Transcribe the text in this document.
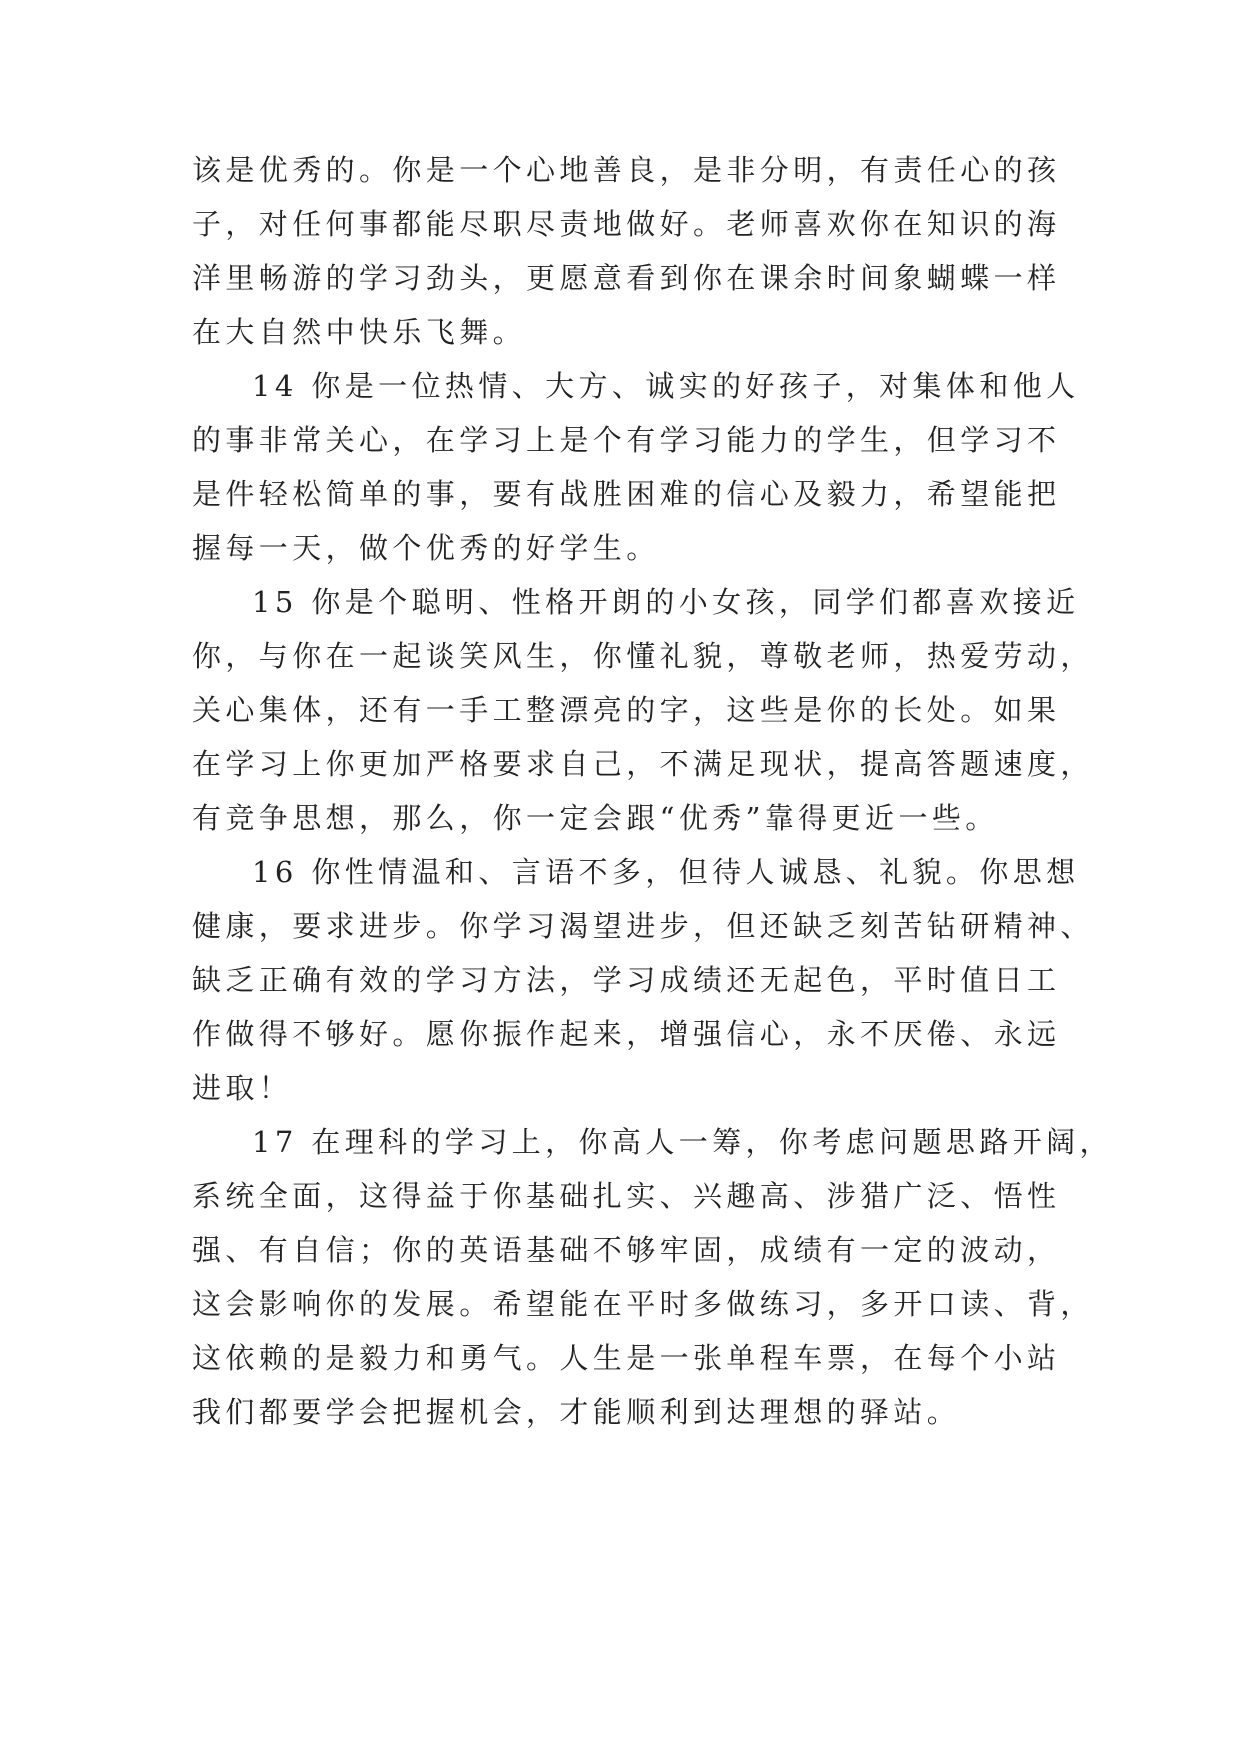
该是优秀的。你是一个心地善良，是非分明，有责任心的孩

子，对任何事都能尽职尽责地做好。老师喜欢你在知识的海

洋里畅游的学习劲头，更愿意看到你在课余时间象蝴蝶一样

在大自然中快乐飞舞。

14 你是一位热情、大方、诚实的好孩子，对集体和他人

的事非常关心，在学习上是个有学习能力的学生，但学习不

是件轻松简单的事，要有战胜困难的信心及毅力，希望能把

握每一天，做个优秀的好学生。

15 你是个聪明、性格开朗的小女孩，同学们都喜欢接近

你，与你在一起谈笑风生，你懂礼貌，尊敬老师，热爱劳动，

关心集体，还有一手工整漂亮的字，这些是你的长处。如果

在学习上你更加严格要求自己，不满足现状，提高答题速度，

有竞争思想，那么，你一定会跟“优秀”靠得更近一些。

16 你性情温和、言语不多，但待人诚恳、礼貌。你思想

健康，要求进步。你学习渴望进步，但还缺乏刻苦钻研精神、

缺乏正确有效的学习方法，学习成绩还无起色，平时值日工

作做得不够好。愿你振作起来，增强信心，永不厌倦、永远

进取！

17 在理科的学习上，你高人一筹，你考虑问题思路开阔，

系统全面，这得益于你基础扎实、兴趣高、涉猎广泛、悟性

强、有自信；你的英语基础不够牢固，成绩有一定的波动，

这会影响你的发展。希望能在平时多做练习，多开口读、背，

这依赖的是毅力和勇气。人生是一张单程车票，在每个小站

我们都要学会把握机会，才能顺利到达理想的驿站。
